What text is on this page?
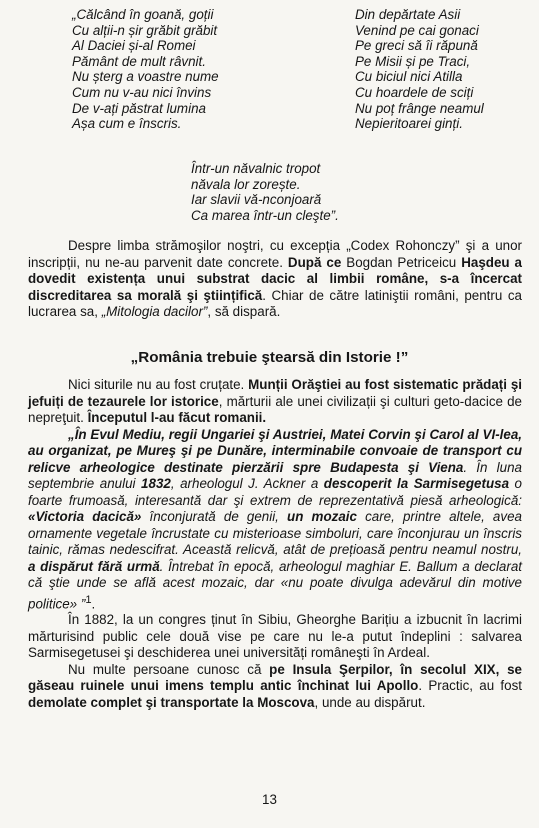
„Călcând în goană, goții
Cu alții-n șir grăbit grăbit
Al Daciei și-al Romei
Pământ de mult râvnit.
Nu șterg a voastre nume
Cum nu v-au nici învins
De v-ați păstrat lumina
Așa cum e înscris.
Din depărtate Asii
Venind pe cai gonaci
Pe greci să îi răpună
Pe Misii și pe Traci,
Cu biciul nici Atilla
Cu hoardele de sciți
Nu poț frânge neamul
Nepieritoarei ginți.
Într-un năvalnic tropot
năvala lor zorește.
Iar slavii vă-nconjoară
Ca marea într-un cleşte”.

Despre limba strămoşilor noştri, cu excepția „Codex Rohonczy” şi a unor inscripții, nu ne-au parvenit date concrete. După ce Bogdan Petriceicu Haşdeu a dovedit existența unui substrat dacic al limbii române, s-a încercat discreditarea sa morală şi ştiințifică. Chiar de către latiniştii români, pentru ca lucrarea sa, „Mitologia dacilor”, să dispară.

„România trebuie ştearsă din Istorie !”

Nici siturile nu au fost cruțate. Munții Orăştiei au fost sistematic prădați şi jefuiți de tezaurele lor istorice, mărturii ale unei civilizații şi culturi geto-dacice de nepreţuit. Începutul l-au făcut romanii.

„În Evul Mediu, regii Ungariei şi Austriei, Matei Corvin şi Carol al VI-lea, au organizat, pe Mureş şi pe Dunăre, interminabile convoaie de transport cu relicve arheologice destinate pierzării spre Budapesta şi Viena. În luna septembrie anului 1832, arheologul J. Ackner a descoperit la Sarmisegetusa o foarte frumoasă, interesantă dar şi extrem de reprezentativă piesă arheologică: «Victoria dacică» înconjurată de genii, un mozaic care, printre altele, avea ornamente vegetale încrustate cu misterioase simboluri, care înconjurau un înscris tainic, rămas nedescifrat. Această relicvă, atât de prețioasă pentru neamul nostru, a dispărut fără urmă. Întrebat în epocă, arheologul maghiar E. Ballum a declarat că ştie unde se află acest mozaic, dar «nu poate divulga adevărul din motive politice» ”$^1$.

În 1882, la un congres ținut în Sibiu, Gheorghe Barițiu a izbucnit în lacrimi mărturisind public cele două vise pe care nu le-a putut îndeplini : salvarea Sarmisegetusei şi deschiderea unei universități româneşti în Ardeal.

Nu multe persoane cunosc că pe Insula Şerpilor, în secolul XIX, se găseau ruinele unui imens templu antic închinat lui Apollo. Practic, au fost demolate complet şi transportate la Moscova, unde au dispărut.

13
